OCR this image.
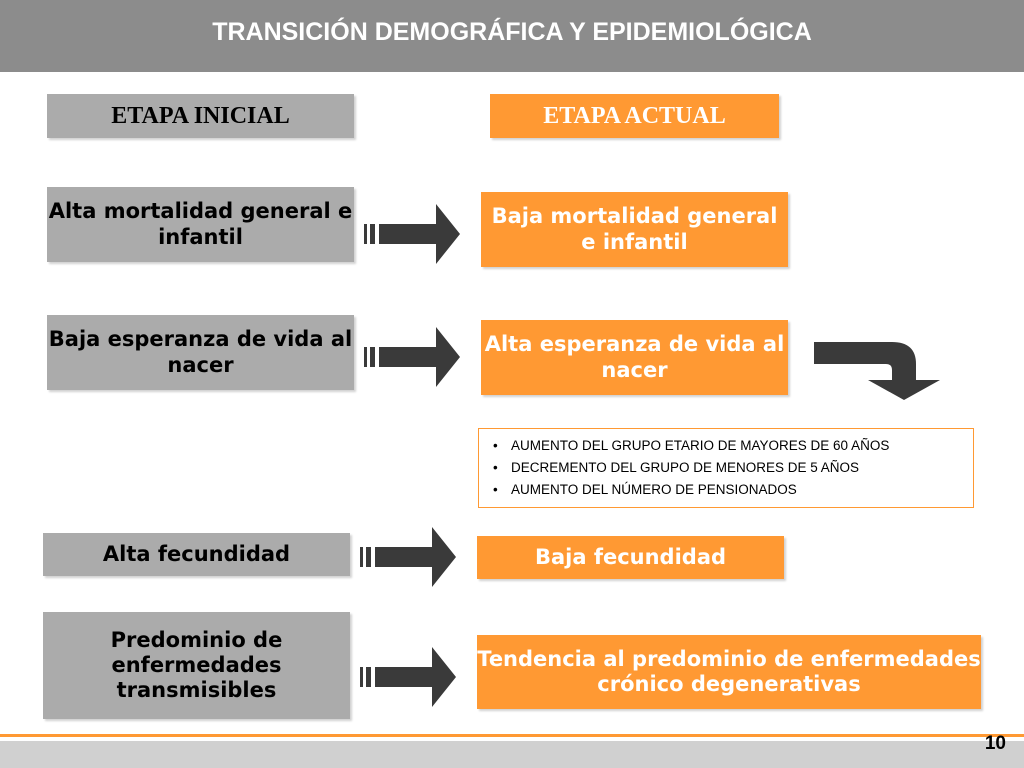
TRANSICIÓN DEMOGRÁFICA Y EPIDEMIOLÓGICA
ETAPA INICIAL	ETAPA ACTUAL
Alta mortalidad general e infantil
Baja mortalidad general e infantil
Baja esperanza de vida al nacer
Alta esperanza de vida al nacer
Alta fecundidad	Baja fecundidad
Predominio de enfermedades transmisibles
Tendencia al predominio de enfermedades crónico degenerativas
• AUMENTO DEL GRUPO ETARIO DE MAYORES DE 60 AÑOS
• DECREMENTO DEL GRUPO DE MENORES DE 5 AÑOS
• AUMENTO DEL NÚMERO DE PENSIONADOS
10
